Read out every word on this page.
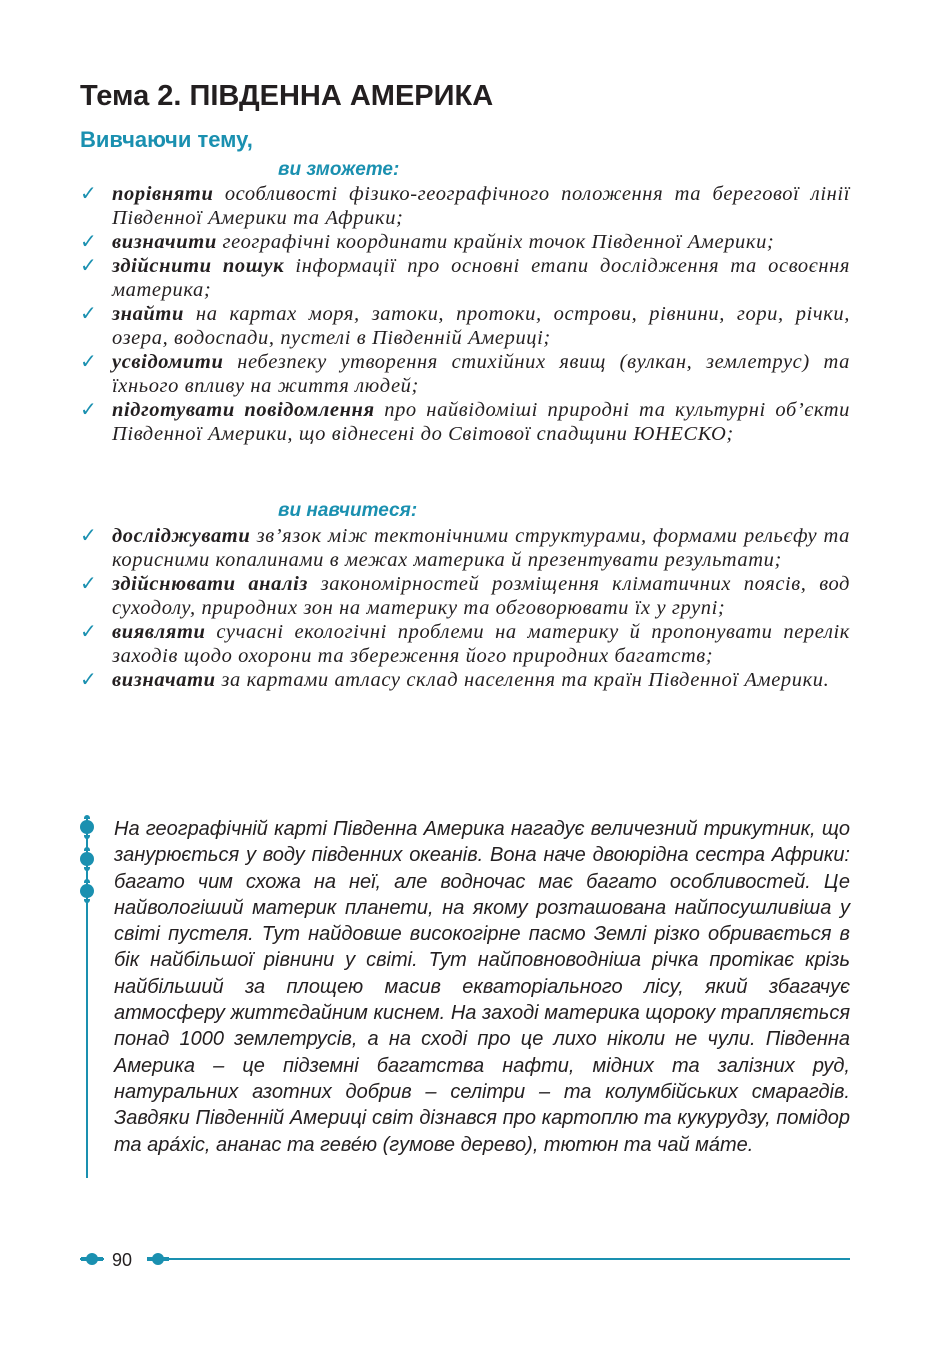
Тема 2. ПІВДЕННА АМЕРИКА
Вивчаючи тему,
ви зможете:
✓ порівняти особливості фізико-географічного положення та берегової лінії Південної Америки та Африки;
✓ визначити географічні координати крайніх точок Південної Америки;
✓ здійснити пошук інформації про основні етапи дослідження та освоєння материка;
✓ знайти на картах моря, затоки, протоки, острови, рівнини, гори, річки, озера, водоспади, пустелі в Південній Америці;
✓ усвідомити небезпеку утворення стихійних явищ (вулкан, землетрус) та їхнього впливу на життя людей;
✓ підготувати повідомлення про найвідоміші природні та культурні об’єкти Південної Америки, що віднесені до Світової спадщини ЮНЕСКО;
ви навчитеся:
✓ досліджувати зв’язок між тектонічними структурами, формами рельєфу та корисними копалинами в межах материка й презентувати результати;
✓ здійснювати аналіз закономірностей розміщення кліматичних поясів, вод суходолу, природних зон на материку та обговорювати їх у групі;
✓ виявляти сучасні екологічні проблеми на материку й пропонувати перелік заходів щодо охорони та збереження його природних багатств;
✓ визначати за картами атласу склад населення та країн Південної Америки.

На географічній карті Південна Америка нагадує величезний трикутник, що занурюється у воду південних океанів. Вона наче двоюрідна сестра Африки: багато чим схожа на неї, але водночас має багато особливостей. Це найвологіший материк планети, на якому розташована найпосушливіша у світі пустеля. Тут найдовше високогірне пасмо Землі різко обривається в бік найбільшої рівнини у світі. Тут найповноводніша річка протікає крізь найбільший за площею масив екваторіального лісу, який збагачує атмосферу життєдайним киснем. На заході материка щороку трапляється понад 1000 землетрусів, а на сході про це лихо ніколи не чули. Південна Америка – це підземні багатства нафти, мідних та залізних руд, натуральних азотних добрив – селітри – та колумбійських смарагдів. Завдяки Південній Америці світ дізнався про картоплю та кукурудзу, помідор та ара́хіс, ананас та геве́ю (гумове дерево), тютюн та чай ма́те.

90
